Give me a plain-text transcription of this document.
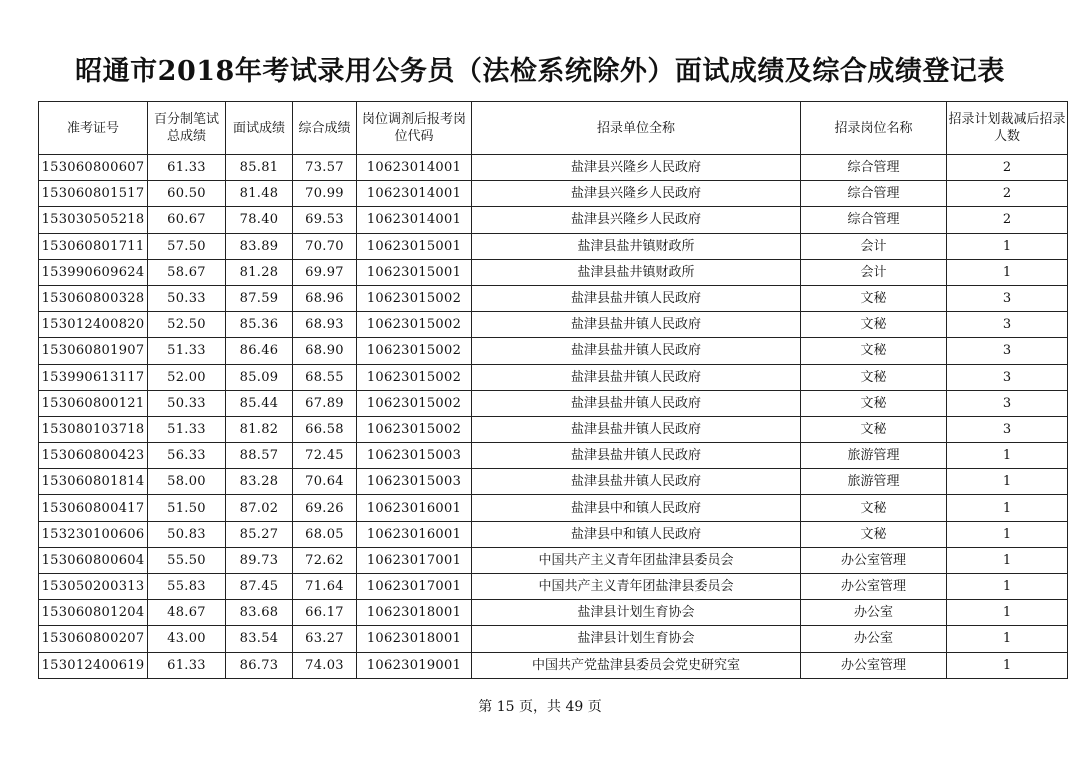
昭通市2018年考试录用公务员（法检系统除外）面试成绩及综合成绩登记表
准考证号	百分制笔试总成绩	面试成绩	综合成绩	岗位调剂后报考岗位代码	招录单位全称	招录岗位名称	招录计划裁减后招录人数
153060800607	61.33	85.81	73.57	10623014001	盐津县兴隆乡人民政府	综合管理	2
153060801517	60.50	81.48	70.99	10623014001	盐津县兴隆乡人民政府	综合管理	2
153030505218	60.67	78.40	69.53	10623014001	盐津县兴隆乡人民政府	综合管理	2
153060801711	57.50	83.89	70.70	10623015001	盐津县盐井镇财政所	会计	1
153990609624	58.67	81.28	69.97	10623015001	盐津县盐井镇财政所	会计	1
153060800328	50.33	87.59	68.96	10623015002	盐津县盐井镇人民政府	文秘	3
153012400820	52.50	85.36	68.93	10623015002	盐津县盐井镇人民政府	文秘	3
153060801907	51.33	86.46	68.90	10623015002	盐津县盐井镇人民政府	文秘	3
153990613117	52.00	85.09	68.55	10623015002	盐津县盐井镇人民政府	文秘	3
153060800121	50.33	85.44	67.89	10623015002	盐津县盐井镇人民政府	文秘	3
153080103718	51.33	81.82	66.58	10623015002	盐津县盐井镇人民政府	文秘	3
153060800423	56.33	88.57	72.45	10623015003	盐津县盐井镇人民政府	旅游管理	1
153060801814	58.00	83.28	70.64	10623015003	盐津县盐井镇人民政府	旅游管理	1
153060800417	51.50	87.02	69.26	10623016001	盐津县中和镇人民政府	文秘	1
153230100606	50.83	85.27	68.05	10623016001	盐津县中和镇人民政府	文秘	1
153060800604	55.50	89.73	72.62	10623017001	中国共产主义青年团盐津县委员会	办公室管理	1
153050200313	55.83	87.45	71.64	10623017001	中国共产主义青年团盐津县委员会	办公室管理	1
153060801204	48.67	83.68	66.17	10623018001	盐津县计划生育协会	办公室	1
153060800207	43.00	83.54	63.27	10623018001	盐津县计划生育协会	办公室	1
153012400619	61.33	86.73	74.03	10623019001	中国共产党盐津县委员会党史研究室	办公室管理	1
第 15 页，共 49 页
